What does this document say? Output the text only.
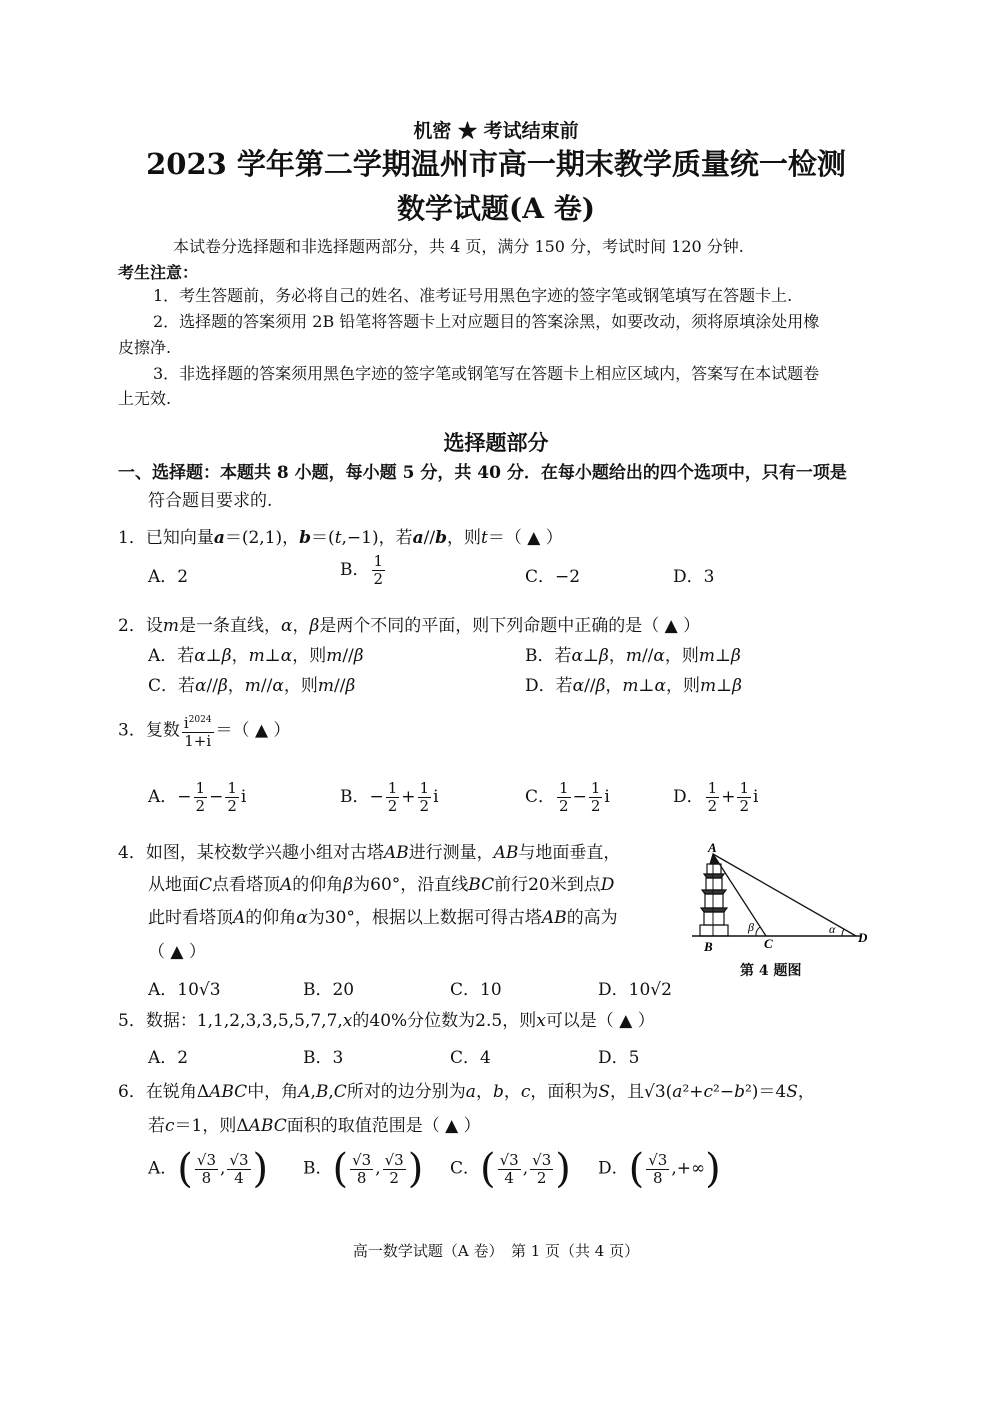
机密 ★ 考试结束前
2023 学年第二学期温州市高一期末教学质量统一检测
数学试题(A 卷)
本试卷分选择题和非选择题两部分，共 4 页，满分 150 分，考试时间 120 分钟.
考生注意：
1．考生答题前，务必将自己的姓名、准考证号用黑色字迹的签字笔或钢笔填写在答题卡上.
2．选择题的答案须用 2B 铅笔将答题卡上对应题目的答案涂黑，如要改动，须将原填涂处用橡
皮擦净.
3．非选择题的答案须用黑色字迹的签字笔或钢笔写在答题卡上相应区域内，答案写在本试题卷
上无效.
选择题部分
一、选择题：本题共 8 小题，每小题 5 分，共 40 分．在每小题给出的四个选项中，只有一项是
符合题目要求的.
1．已知向量a＝(2,1)，b＝(t,−1)，若a//b，则t＝（ ▲ ）
A．2	B． $\frac{1}{2}$	C．−2	D．3
2．设m是一条直线，α，β是两个不同的平面，则下列命题中正确的是（ ▲ ）
A．若α⊥β，m⊥α，则m//β	B．若α⊥β，m//α，则m⊥β
C．若α//β，m//α，则m//β	D．若α//β，m⊥α，则m⊥β
3．复数 $\frac{i^{2024}}{1+i}$ ＝（ ▲ ）
A．− $\frac{1}{2} - \frac{1}{2}$ i	B．− $\frac{1}{2} + \frac{1}{2}$ i	C． $\frac{1}{2} - \frac{1}{2}$ i	D． $\frac{1}{2} + \frac{1}{2}$ i
4．如图，某校数学兴趣小组对古塔AB进行测量，AB与地面垂直，
从地面C点看塔顶A的仰角β为60°，沿直线BC前行20米到点D
此时看塔顶A的仰角α为30°，根据以上数据可得古塔AB的高为
（ ▲ ）
A．10√3	B．20	C．10	D．10√2
A
B	C	D
β	α
第 4 题图
5．数据：1,1,2,3,3,5,5,7,7,x的40%分位数为2.5，则x可以是（ ▲ ）
A．2	B．3	C．4	D．5
6．在锐角ΔABC中，角A,B,C所对的边分别为a，b，c，面积为S，且√3(a²+c²−b²)＝4S，
若c＝1，则ΔABC面积的取值范围是（ ▲ ）
A．( $\frac{√3}{8}$ , $\frac{√3}{4}$ ) B．( $\frac{√3}{8}$ , $\frac{√3}{2}$ ) C．( $\frac{√3}{4}$ , $\frac{√3}{2}$ ) D．( $\frac{√3}{8}$ ,+∞)
高一数学试题（A 卷）　第 1 页（共 4 页）
